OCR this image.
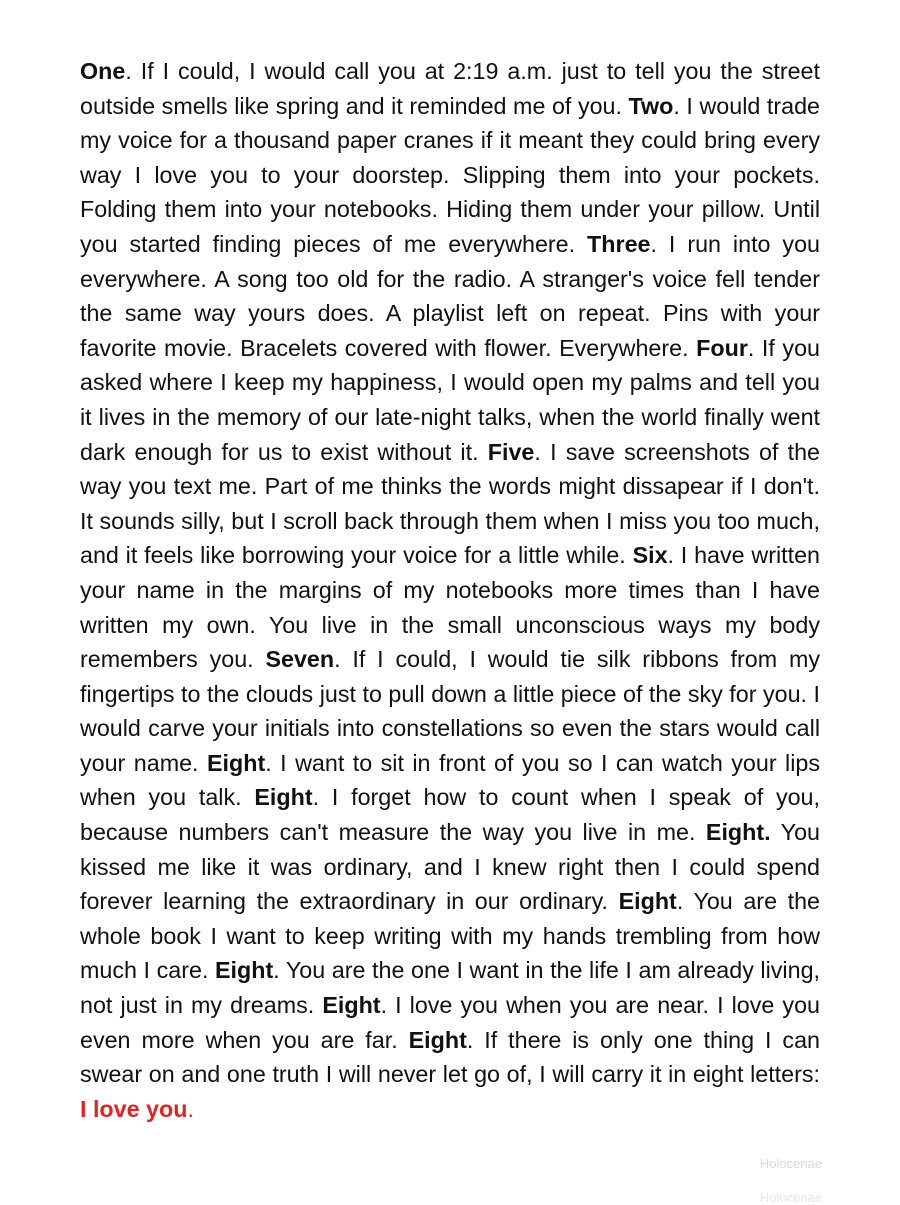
One. If I could, I would call you at 2:19 a.m. just to tell you the street outside smells like spring and it reminded me of you. Two. I would trade my voice for a thousand paper cranes if it meant they could bring every way I love you to your doorstep. Slipping them into your pockets. Folding them into your notebooks. Hiding them under your pillow. Until you started finding pieces of me everywhere. Three. I run into you everywhere. A song too old for the radio. A stranger's voice fell tender the same way yours does. A playlist left on repeat. Pins with your favorite movie. Bracelets covered with flower. Everywhere. Four. If you asked where I keep my happiness, I would open my palms and tell you it lives in the memory of our late-night talks, when the world finally went dark enough for us to exist without it. Five. I save screenshots of the way you text me. Part of me thinks the words might dissapear if I don't. It sounds silly, but I scroll back through them when I miss you too much, and it feels like borrowing your voice for a little while. Six. I have written your name in the margins of my notebooks more times than I have written my own. You live in the small unconscious ways my body remembers you. Seven. If I could, I would tie silk ribbons from my fingertips to the clouds just to pull down a little piece of the sky for you. I would carve your initials into constellations so even the stars would call your name. Eight. I want to sit in front of you so I can watch your lips when you talk. Eight. I forget how to count when I speak of you, because numbers can't measure the way you live in me. Eight. You kissed me like it was ordinary, and I knew right then I could spend forever learning the extraordinary in our ordinary. Eight. You are the whole book I want to keep writing with my hands trembling from how much I care. Eight. You are the one I want in the life I am already living, not just in my dreams. Eight. I love you when you are near. I love you even more when you are far. Eight. If there is only one thing I can swear on and one truth I will never let go of, I will carry it in eight letters: I love you.
Holocenae
Holocenae
